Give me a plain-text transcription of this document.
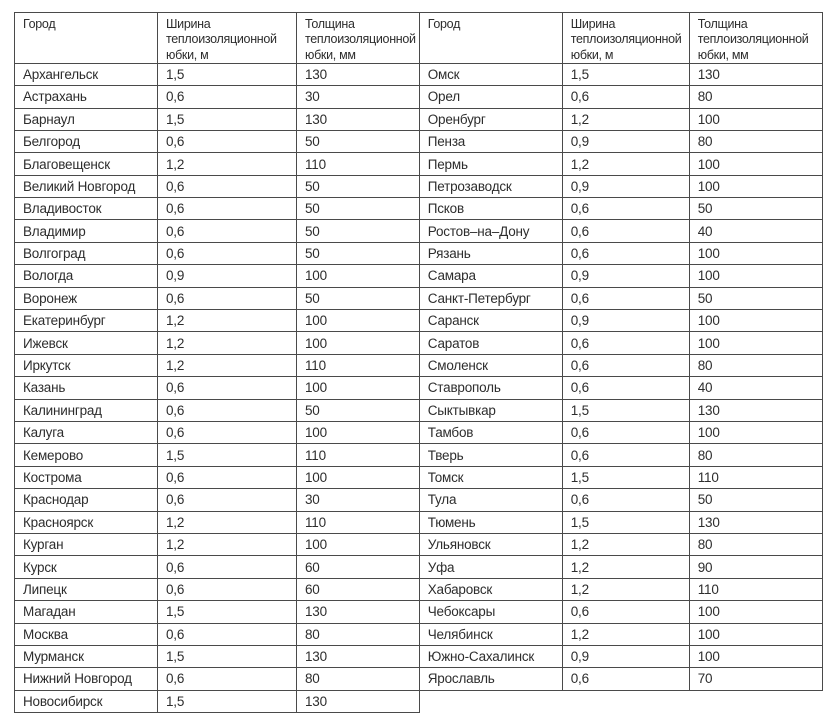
Город	Ширина теплоизоляционной юбки, м	Толщина теплоизоляционной юбки, мм
Архангельск	1,5	130
Астрахань	0,6	30
Барнаул	1,5	130
Белгород	0,6	50
Благовещенск	1,2	110
Великий Новгород	0,6	50
Владивосток	0,6	50
Владимир	0,6	50
Волгоград	0,6	50
Вологда	0,9	100
Воронеж	0,6	50
Екатеринбург	1,2	100
Ижевск	1,2	100
Иркутск	1,2	110
Казань	0,6	100
Калининград	0,6	50
Калуга	0,6	100
Кемерово	1,5	110
Кострома	0,6	100
Краснодар	0,6	30
Красноярск	1,2	110
Курган	1,2	100
Курск	0,6	60
Липецк	0,6	60
Магадан	1,5	130
Москва	0,6	80
Мурманск	1,5	130
Нижний Новгород	0,6	80
Новосибирск	1,5	130
Город	Ширина теплоизоляционной юбки, м	Толщина теплоизоляционной юбки, мм
Омск	1,5	130
Орел	0,6	80
Оренбург	1,2	100
Пенза	0,9	80
Пермь	1,2	100
Петрозаводск	0,9	100
Псков	0,6	50
Ростов–на–Дону	0,6	40
Рязань	0,6	100
Самара	0,9	100
Санкт-Петербург	0,6	50
Саранск	0,9	100
Саратов	0,6	100
Смоленск	0,6	80
Ставрополь	0,6	40
Сыктывкар	1,5	130
Тамбов	0,6	100
Тверь	0,6	80
Томск	1,5	110
Тула	0,6	50
Тюмень	1,5	130
Ульяновск	1,2	80
Уфа	1,2	90
Хабаровск	1,2	110
Чебоксары	0,6	100
Челябинск	1,2	100
Южно-Сахалинск	0,9	100
Ярославль	0,6	70
